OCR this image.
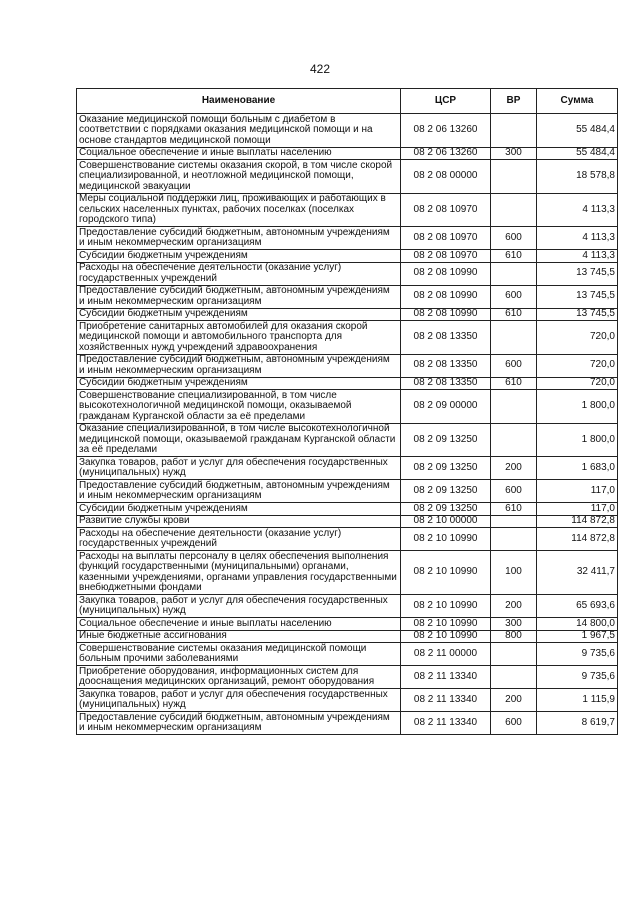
422
Наименование	ЦСР	ВР	Сумма
Оказание медицинской помощи больным с диабетом в соответствии с порядками оказания медицинской помощи и на основе стандартов медицинской помощи	08 2 06 13260		55 484,4
Социальное обеспечение и иные выплаты населению	08 2 06 13260	300	55 484,4
Совершенствование системы оказания скорой, в том числе скорой специализированной, и неотложной медицинской помощи, медицинской эвакуации	08 2 08 00000		18 578,8
Меры социальной поддержки лиц, проживающих и работающих в сельских населенных пунктах, рабочих поселках (поселках городского типа)	08 2 08 10970		4 113,3
Предоставление субсидий бюджетным, автономным учреждениям и иным некоммерческим организациям	08 2 08 10970	600	4 113,3
Субсидии бюджетным учреждениям	08 2 08 10970	610	4 113,3
Расходы на обеспечение деятельности (оказание услуг) государственных учреждений	08 2 08 10990		13 745,5
Предоставление субсидий бюджетным, автономным учреждениям и иным некоммерческим организациям	08 2 08 10990	600	13 745,5
Субсидии бюджетным учреждениям	08 2 08 10990	610	13 745,5
Приобретение санитарных автомобилей для оказания скорой медицинской помощи и автомобильного транспорта для хозяйственных нужд учреждений здравоохранения	08 2 08 13350		720,0
Предоставление субсидий бюджетным, автономным учреждениям и иным некоммерческим организациям	08 2 08 13350	600	720,0
Субсидии бюджетным учреждениям	08 2 08 13350	610	720,0
Совершенствование специализированной, в том числе высокотехнологичной медицинской помощи, оказываемой гражданам Курганской области за её пределами	08 2 09 00000		1 800,0
Оказание специализированной, в том числе высокотехнологичной медицинской помощи, оказываемой гражданам Курганской области за её пределами	08 2 09 13250		1 800,0
Закупка товаров, работ и услуг для обеспечения государственных (муниципальных) нужд	08 2 09 13250	200	1 683,0
Предоставление субсидий бюджетным, автономным учреждениям и иным некоммерческим организациям	08 2 09 13250	600	117,0
Субсидии бюджетным учреждениям	08 2 09 13250	610	117,0
Развитие службы крови	08 2 10 00000		114 872,8
Расходы на обеспечение деятельности (оказание услуг) государственных учреждений	08 2 10 10990		114 872,8
Расходы на выплаты персоналу в целях обеспечения выполнения функций государственными (муниципальными) органами, казенными учреждениями, органами управления государственными внебюджетными фондами	08 2 10 10990	100	32 411,7
Закупка товаров, работ и услуг для обеспечения государственных (муниципальных) нужд	08 2 10 10990	200	65 693,6
Социальное обеспечение и иные выплаты населению	08 2 10 10990	300	14 800,0
Иные бюджетные ассигнования	08 2 10 10990	800	1 967,5
Совершенствование системы оказания медицинской помощи больным прочими заболеваниями	08 2 11 00000		9 735,6
Приобретение оборудования, информационных систем для дооснащения медицинских организаций, ремонт оборудования	08 2 11 13340		9 735,6
Закупка товаров, работ и услуг для обеспечения государственных (муниципальных) нужд	08 2 11 13340	200	1 115,9
Предоставление субсидий бюджетным, автономным учреждениям и иным некоммерческим организациям	08 2 11 13340	600	8 619,7
